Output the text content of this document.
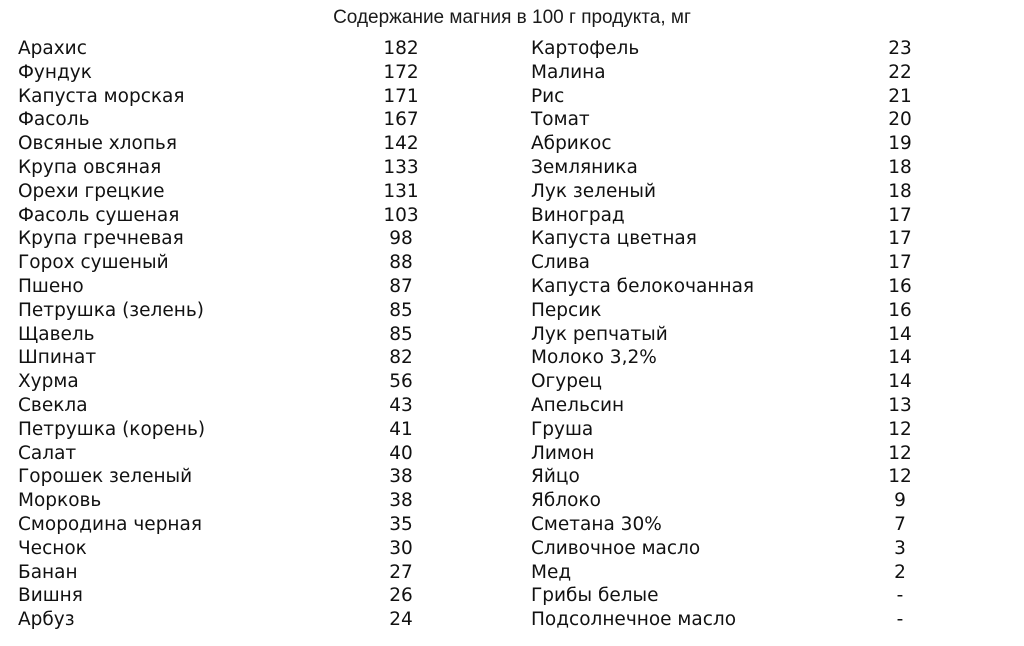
Содержание магния в 100 г продукта, мг
Арахис	182
Фундук	172
Капуста морская	171
Фасоль	167
Овсяные хлопья	142
Крупа овсяная	133
Орехи грецкие	131
Фасоль сушеная	103
Крупа гречневая	98
Горох сушеный	88
Пшено	87
Петрушка (зелень)	85
Щавель	85
Шпинат	82
Хурма	56
Свекла	43
Петрушка (корень)	41
Салат	40
Горошек зеленый	38
Морковь	38
Смородина черная	35
Чеснок	30
Банан	27
Вишня	26
Арбуз	24
Картофель	23
Малина	22
Рис	21
Томат	20
Абрикос	19
Земляника	18
Лук зеленый	18
Виноград	17
Капуста цветная	17
Слива	17
Капуста белокочанная	16
Персик	16
Лук репчатый	14
Молоко 3,2%	14
Огурец	14
Апельсин	13
Груша	12
Лимон	12
Яйцо	12
Яблоко	9
Сметана 30%	7
Сливочное масло	3
Мед	2
Грибы белые	-
Подсолнечное масло	-
